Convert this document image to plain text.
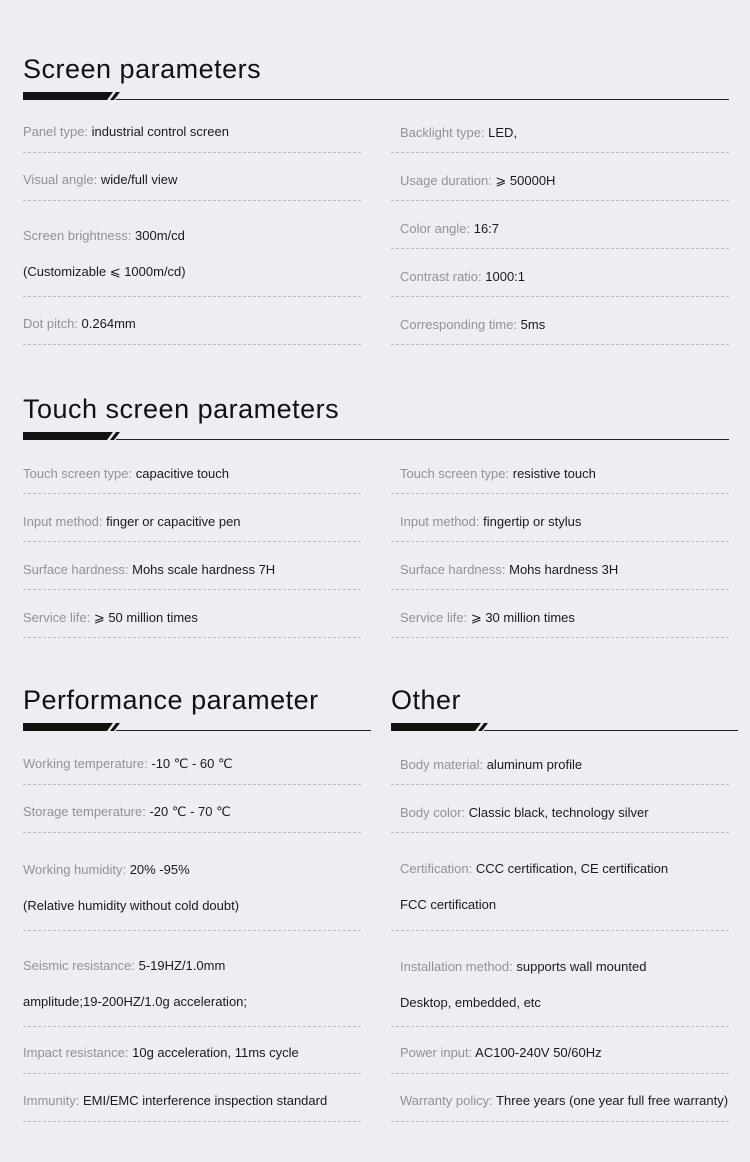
Screen parameters
Panel type: industrial control screen
Visual angle: wide/full view
Screen brightness: 300m/cd
(Customizable ⩽ 1000m/cd)
Dot pitch: 0.264mm
Backlight type: LED,
Usage duration: ⩾ 50000H
Color angle: 16:7
Contrast ratio: 1000:1
Corresponding time: 5ms
Touch screen parameters
Touch screen type: capacitive touch
Input method: finger or capacitive pen
Surface hardness: Mohs scale hardness 7H
Service life: ⩾ 50 million times
Touch screen type: resistive touch
Input method: fingertip or stylus
Surface hardness: Mohs hardness 3H
Service life: ⩾ 30 million times
Performance parameter
Working temperature: -10 ℃ - 60 ℃
Storage temperature: -20 ℃ - 70 ℃
Working humidity: 20% -95%
(Relative humidity without cold doubt)
Seismic resistance: 5-19HZ/1.0mm
amplitude;19-200HZ/1.0g acceleration;
Impact resistance: 10g acceleration, 11ms cycle
Immunity: EMI/EMC interference inspection standard
Other
Body material: aluminum profile
Body color: Classic black, technology silver
Certification: CCC certification, CE certification
FCC certification
Installation method: supports wall mounted
Desktop, embedded, etc
Power input: AC100-240V 50/60Hz
Warranty policy: Three years (one year full free warranty)
